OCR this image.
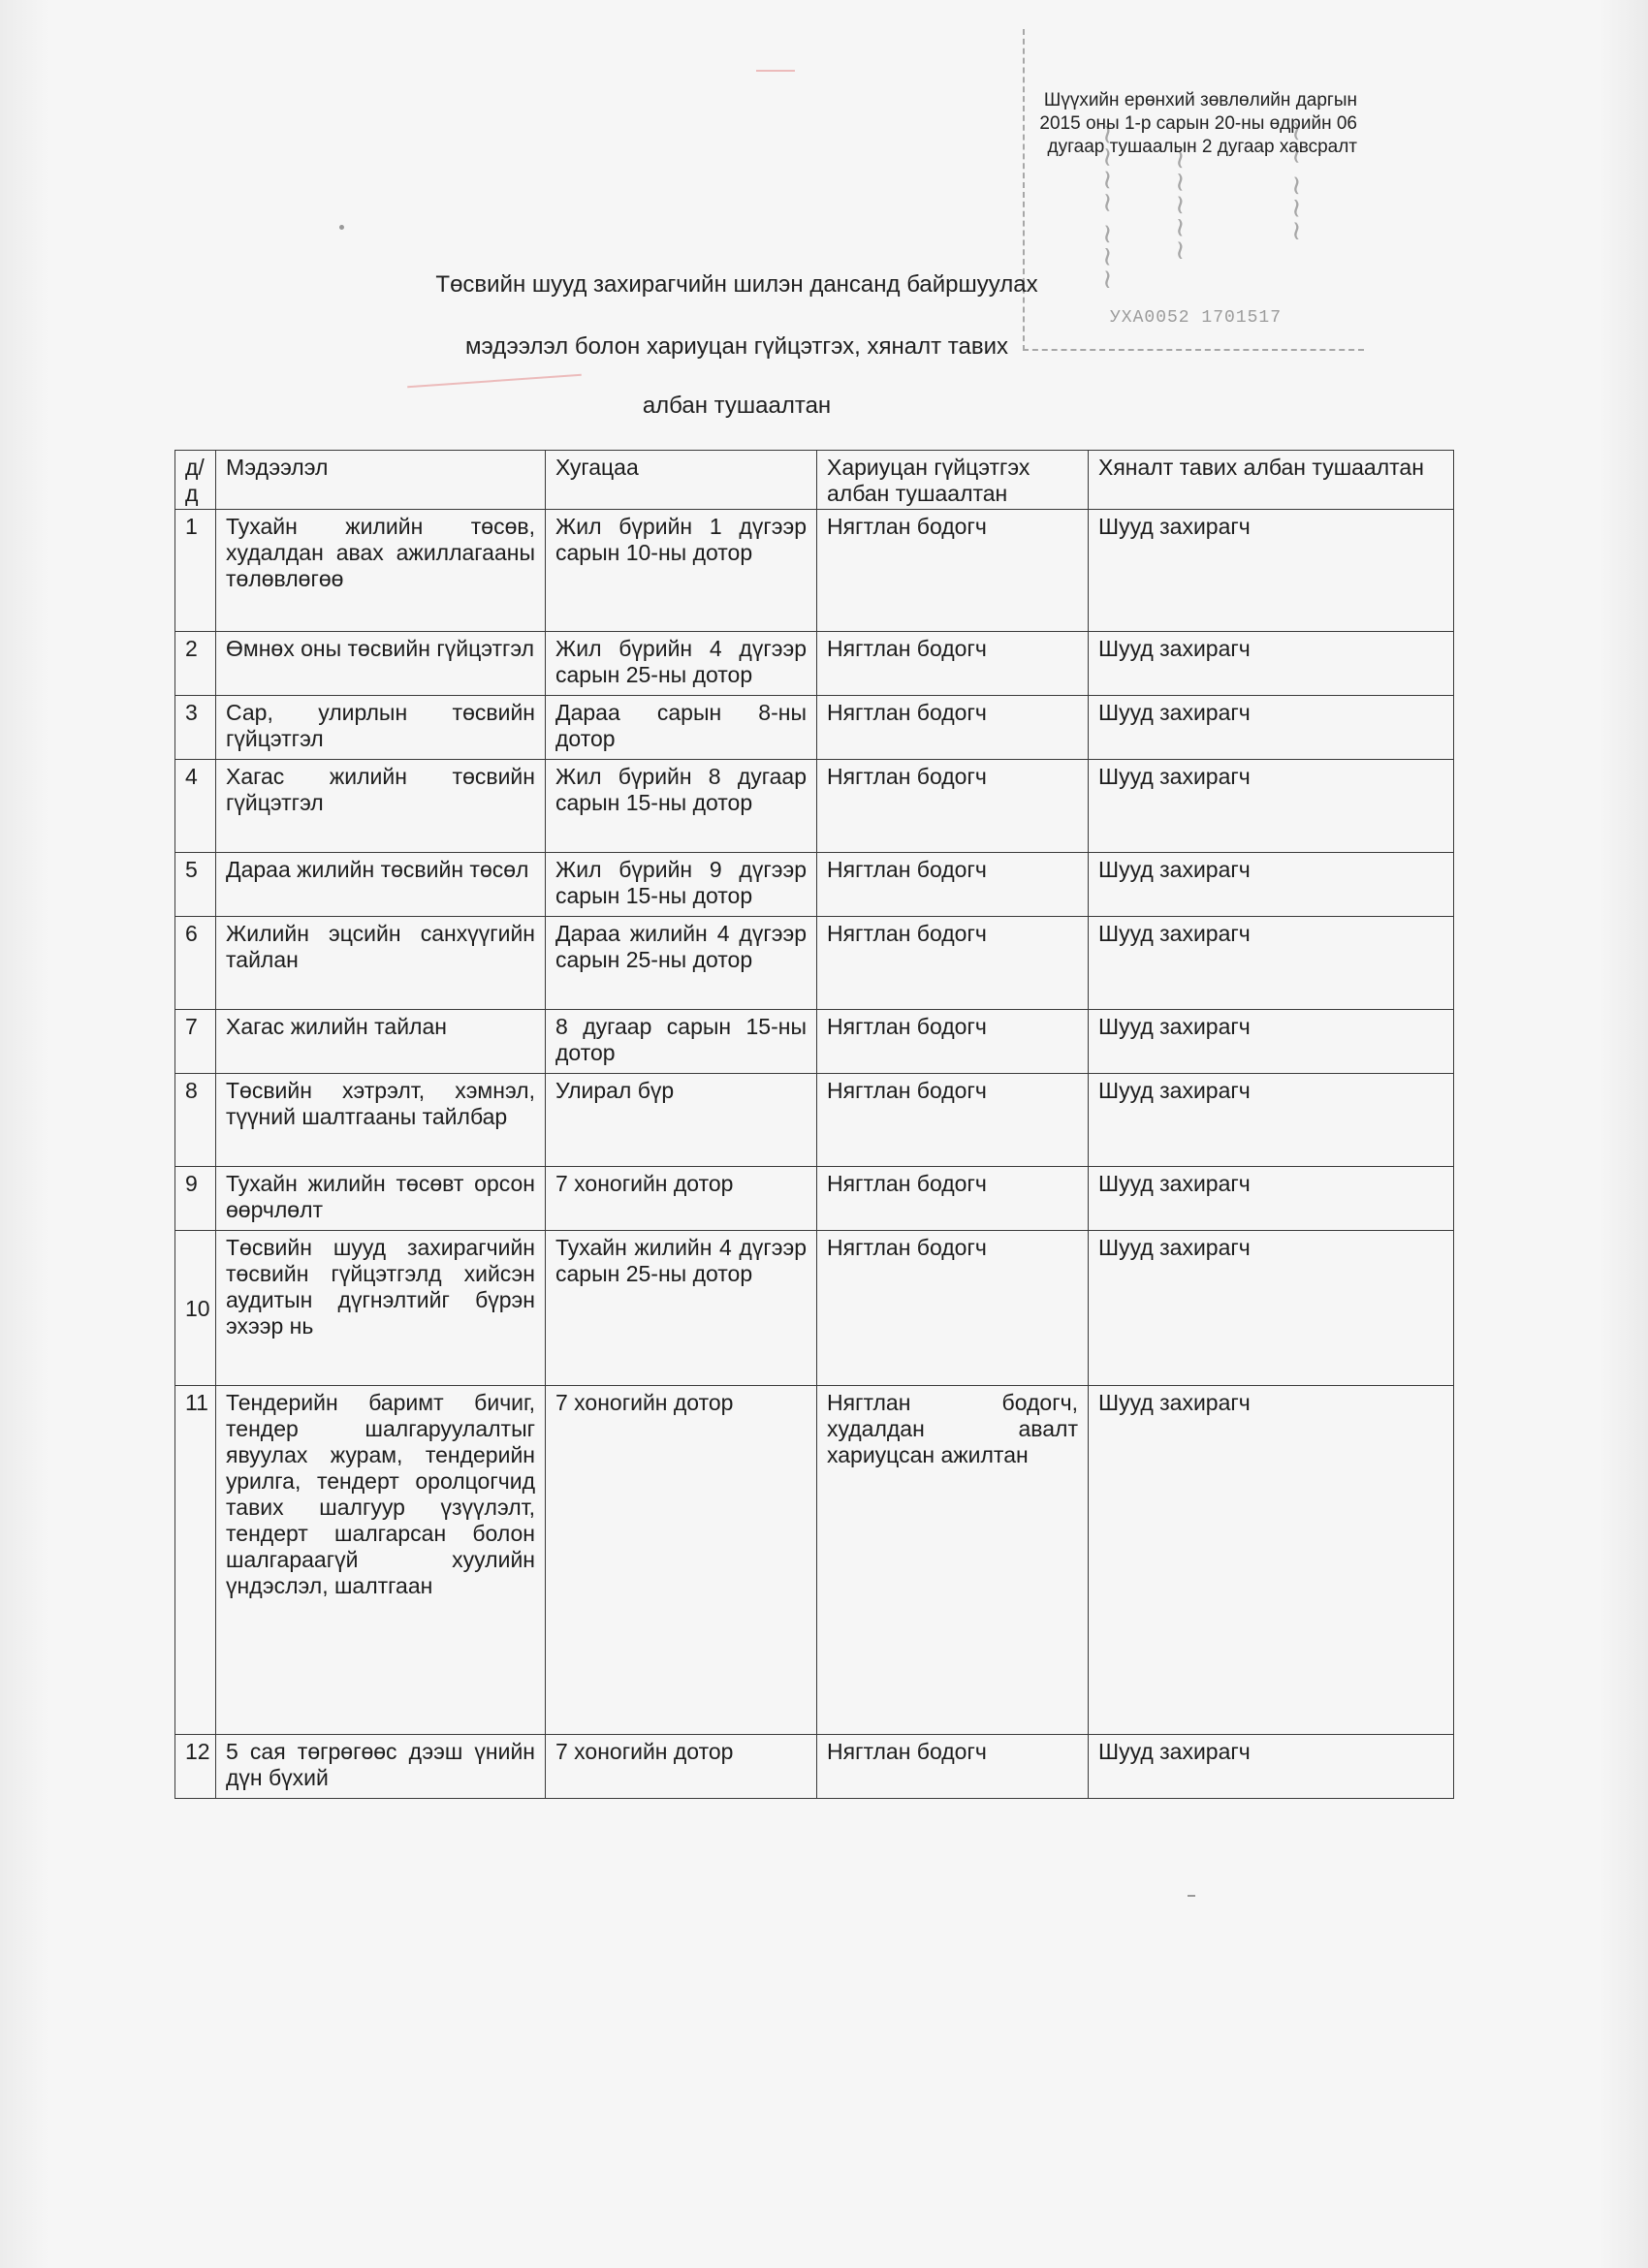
~~~ ~~~~ ~~~~~	~~~ ~~
УХА0052 1701517
Шүүхийн ерөнхий зөвлөлийн даргын
2015 оны 1-р сарын 20-ны өдрийн 06
дугаар тушаалын 2 дугаар хавсралт
Төсвийн шууд захирагчийн шилэн дансанд байршуулах
мэдээлэл болон хариуцан гүйцэтгэх, хяналт тавих
албан тушаалтан
д/д	Мэдээлэл	Хугацаа	Хариуцан гүйцэтгэх албан тушаалтан	Хяналт тавих албан тушаалтан
1	Тухайн жилийн төсөв, худалдан авах ажиллагааны төлөвлөгөө	Жил бүрийн 1 дүгээр сарын 10-ны дотор	Нягтлан бодогч	Шууд захирагч
2	Өмнөх оны төсвийн гүйцэтгэл	Жил бүрийн 4 дүгээр сарын 25-ны дотор	Нягтлан бодогч	Шууд захирагч
3	Сар, улирлын төсвийн гүйцэтгэл	Дараа сарын 8-ны дотор	Нягтлан бодогч	Шууд захирагч
4	Хагас жилийн төсвийн гүйцэтгэл	Жил бүрийн 8 дугаар сарын 15-ны дотор	Нягтлан бодогч	Шууд захирагч
5	Дараа жилийн төсвийн төсөл	Жил бүрийн 9 дүгээр сарын 15-ны дотор	Нягтлан бодогч	Шууд захирагч
6	Жилийн эцсийн санхүүгийн тайлан	Дараа жилийн 4 дүгээр сарын 25-ны дотор	Нягтлан бодогч	Шууд захирагч
7	Хагас жилийн тайлан	8 дугаар сарын 15-ны дотор	Нягтлан бодогч	Шууд захирагч
8	Төсвийн хэтрэлт, хэмнэл, түүний шалтгааны тайлбар	Улирал бүр	Нягтлан бодогч	Шууд захирагч
9	Тухайн жилийн төсөвт орсон өөрчлөлт	7 хоногийн дотор	Нягтлан бодогч	Шууд захирагч
10	Төсвийн шууд захирагчийн төсвийн гүйцэтгэлд хийсэн аудитын дүгнэлтийг бүрэн эхээр нь	Тухайн жилийн 4 дүгээр сарын 25-ны дотор	Нягтлан бодогч	Шууд захирагч
11	Тендерийн баримт бичиг, тендер шалгаруулалтыг явуулах журам, тендерийн урилга, тендерт оролцогчид тавих шалгуур үзүүлэлт, тендерт шалгарсан болон шалгараагүй хуулийн үндэслэл, шалтгаан	7 хоногийн дотор	Нягтлан бодогч, худалдан авалт хариуцсан ажилтан	Шууд захирагч
12	5 сая төгрөгөөс дээш үнийн дүн бүхий	7 хоногийн дотор	Нягтлан бодогч	Шууд захирагч
